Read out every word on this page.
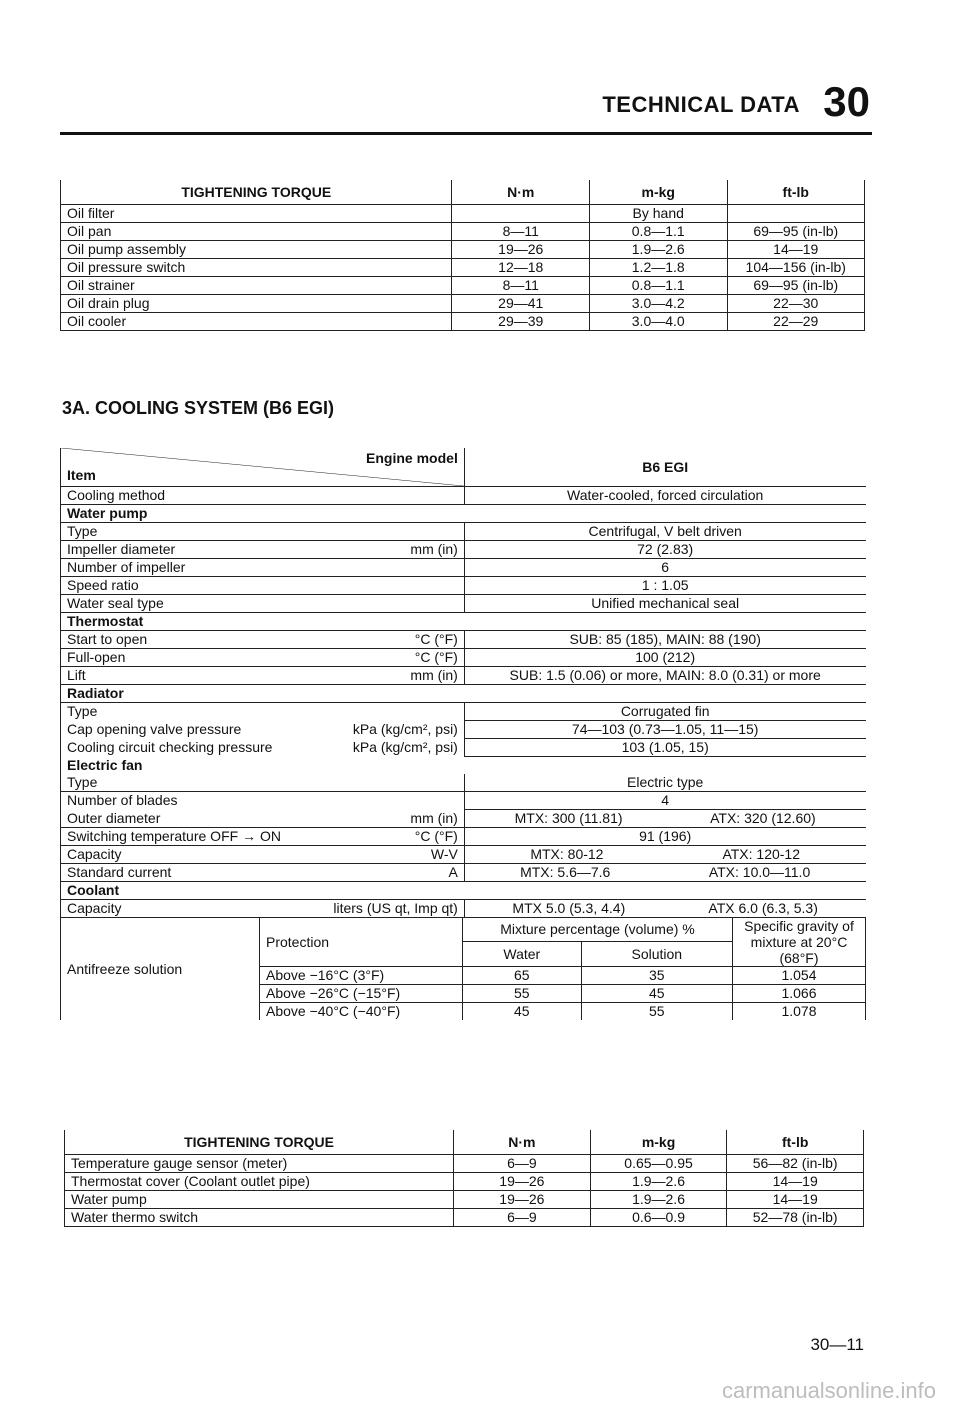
TECHNICAL DATA 30
TIGHTENING TORQUE	N·m	m-kg	ft-lb
Oil filter		By hand	
Oil pan	8—11	0.8—1.1	69—95 (in-lb)
Oil pump assembly	19—26	1.9—2.6	14—19
Oil pressure switch	12—18	1.2—1.8	104—156 (in-lb)
Oil strainer	8—11	0.8—1.1	69—95 (in-lb)
Oil drain plug	29—41	3.0—4.2	22—30
Oil cooler	29—39	3.0—4.0	22—29
3A. COOLING SYSTEM (B6 EGI)
Engine model
Item
	B6 EGI
Cooling method		Water-cooled, forced circulation
Water pump	
Type		Centrifugal, V belt driven
Impeller diameter	mm (in)	72 (2.83)
Number of impeller		6
Speed ratio		1 : 1.05
Water seal type		Unified mechanical seal
Thermostat	
Start to open	°C (°F)	SUB: 85 (185), MAIN: 88 (190)
Full-open	°C (°F)	100 (212)
Lift	mm (in)	SUB: 1.5 (0.06) or more, MAIN: 8.0 (0.31) or more
Radiator	
Type		Corrugated fin
Cap opening valve pressure	kPa (kg/cm², psi)	74—103 (0.73—1.05, 11—15)
Cooling circuit checking pressure	kPa (kg/cm², psi)	103 (1.05, 15)
Electric fan	
Type		Electric type
Number of blades		4
Outer diameter	mm (in)	MTX: 300 (11.81)	ATX: 320 (12.60)

Switching temperature OFF → ON	°C (°F)	91 (196)
Capacity	W-V	MTX: 80-12	ATX: 120-12

Standard current	A	MTX: 5.6—7.6	ATX: 10.0—11.0

Coolant	
Capacity	liters (US qt, Imp qt)	MTX 5.0 (5.3, 4.4)	ATX 6.0 (6.3, 5.3)

Antifreeze solution	Protection	Mixture percentage (volume) %	Specific gravity of mixture at 20°C (68°F)
Water	Solution
Above −16°C (3°F)	65	35	1.054
Above −26°C (−15°F)	55	45	1.066
Above −40°C (−40°F)	45	55	1.078
TIGHTENING TORQUE	N·m	m-kg	ft-lb
Temperature gauge sensor (meter)	6—9	0.65—0.95	56—82 (in-lb)
Thermostat cover (Coolant outlet pipe)	19—26	1.9—2.6	14—19
Water pump	19—26	1.9—2.6	14—19
Water thermo switch	6—9	0.6—0.9	52—78 (in-lb)
30—11
carmanualsonline.info
